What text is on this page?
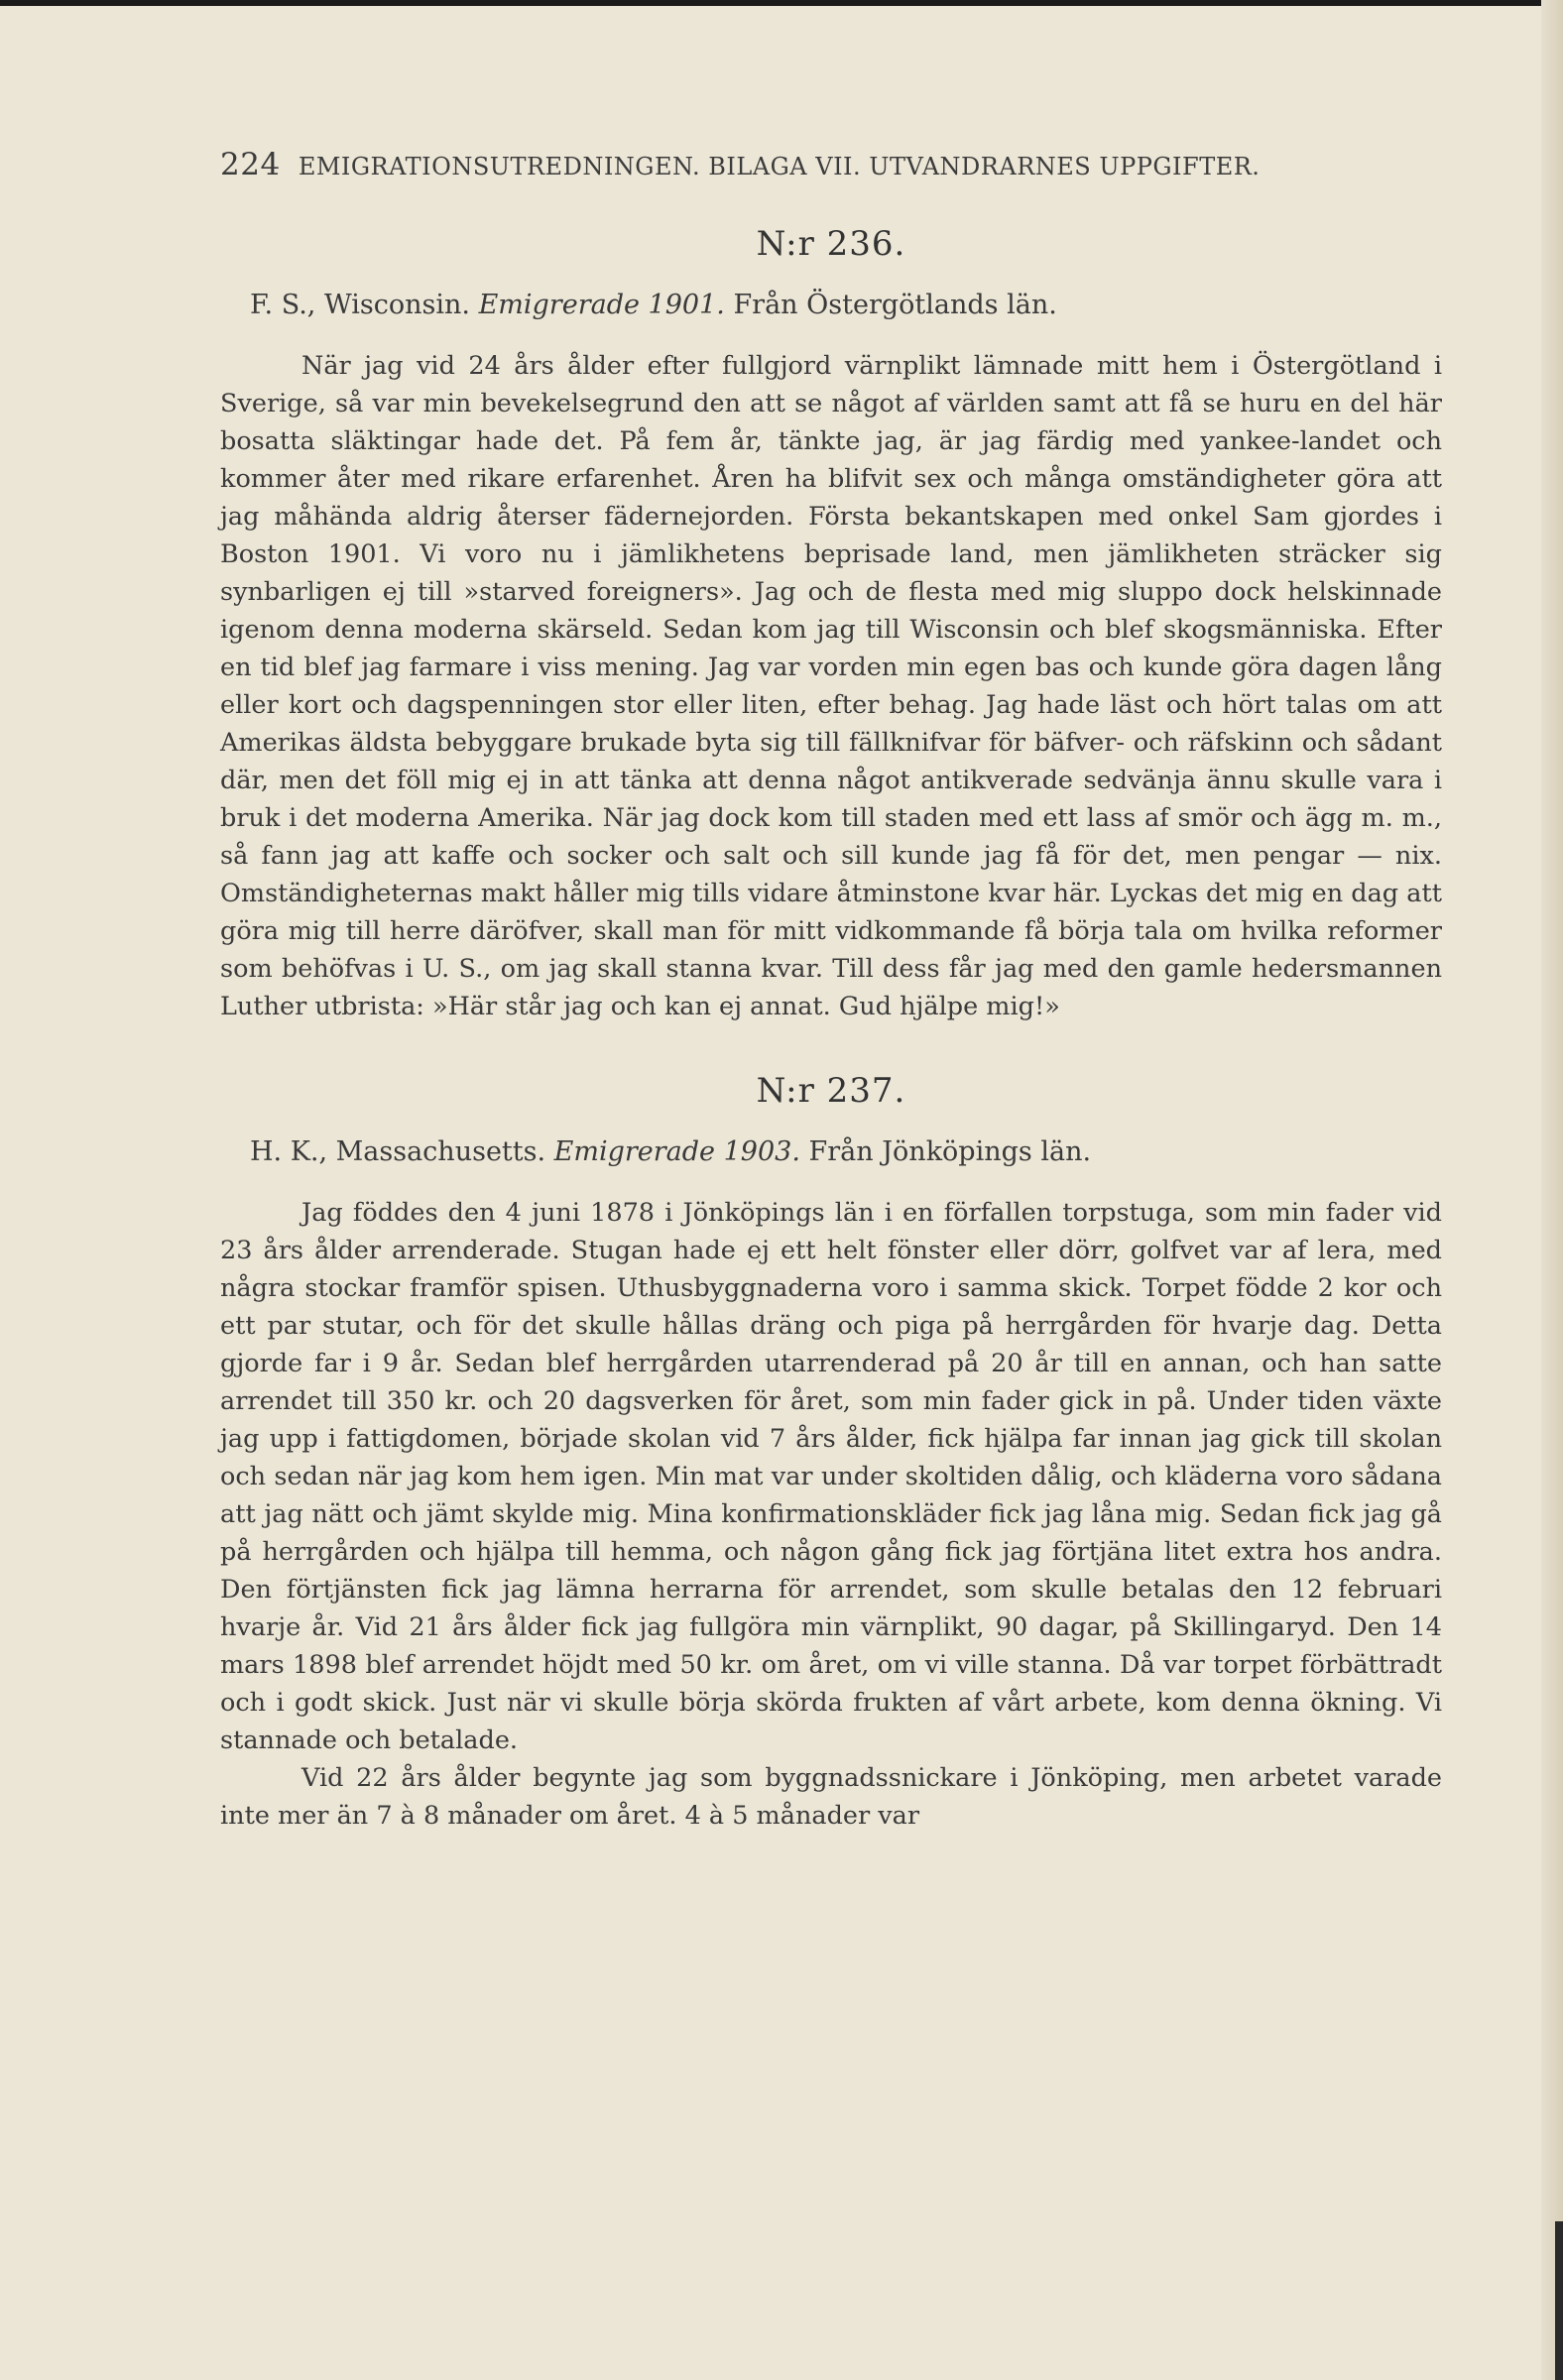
224 EMIGRATIONSUTREDNINGEN. BILAGA VII. UTVANDRARNES UPPGIFTER.
N:r 236.
F. S., Wisconsin. Emigrerade 1901. Från Östergötlands län.

När jag vid 24 års ålder efter fullgjord värnplikt lämnade mitt hem i Östergötland i Sverige, så var min bevekelsegrund den att se något af världen samt att få se huru en del här bosatta släktingar hade det. På fem år, tänkte jag, är jag färdig med yankee-landet och kommer åter med rikare erfarenhet. Åren ha blifvit sex och många omständigheter göra att jag måhända aldrig återser fädernejorden. Första bekantskapen med onkel Sam gjordes i Boston 1901. Vi voro nu i jämlikhetens beprisade land, men jämlikheten sträcker sig synbarligen ej till »starved foreigners». Jag och de flesta med mig sluppo dock helskinnade igenom denna moderna skärseld. Sedan kom jag till Wisconsin och blef skogsmänniska. Efter en tid blef jag farmare i viss mening. Jag var vorden min egen bas och kunde göra dagen lång eller kort och dagspenningen stor eller liten, efter behag. Jag hade läst och hört talas om att Amerikas äldsta bebyggare brukade byta sig till fällknifvar för bäfver- och räfskinn och sådant där, men det föll mig ej in att tänka att denna något antikverade sedvänja ännu skulle vara i bruk i det moderna Amerika. När jag dock kom till staden med ett lass af smör och ägg m. m., så fann jag att kaffe och socker och salt och sill kunde jag få för det, men pengar — nix. Omständigheternas makt håller mig tills vidare åtminstone kvar här. Lyckas det mig en dag att göra mig till herre däröfver, skall man för mitt vidkommande få börja tala om hvilka reformer som behöfvas i U. S., om jag skall stanna kvar. Till dess får jag med den gamle hedersmannen Luther utbrista: »Här står jag och kan ej annat. Gud hjälpe mig!»

N:r 237.
H. K., Massachusetts. Emigrerade 1903. Från Jönköpings län.

Jag föddes den 4 juni 1878 i Jönköpings län i en förfallen torpstuga, som min fader vid 23 års ålder arrenderade. Stugan hade ej ett helt fönster eller dörr, golfvet var af lera, med några stockar framför spisen. Uthusbyggnaderna voro i samma skick. Torpet födde 2 kor och ett par stutar, och för det skulle hållas dräng och piga på herrgården för hvarje dag. Detta gjorde far i 9 år. Sedan blef herrgården utarrenderad på 20 år till en annan, och han satte arrendet till 350 kr. och 20 dagsverken för året, som min fader gick in på. Under tiden växte jag upp i fattigdomen, började skolan vid 7 års ålder, fick hjälpa far innan jag gick till skolan och sedan när jag kom hem igen. Min mat var under skoltiden dålig, och kläderna voro sådana att jag nätt och jämt skylde mig. Mina konfirmationskläder fick jag låna mig. Sedan fick jag gå på herrgården och hjälpa till hemma, och någon gång fick jag förtjäna litet extra hos andra. Den förtjänsten fick jag lämna herrarna för arrendet, som skulle betalas den 12 februari hvarje år. Vid 21 års ålder fick jag fullgöra min värnplikt, 90 dagar, på Skillingaryd. Den 14 mars 1898 blef arrendet höjdt med 50 kr. om året, om vi ville stanna. Då var torpet förbättradt och i godt skick. Just när vi skulle börja skörda frukten af vårt arbete, kom denna ökning. Vi stannade och betalade.

Vid 22 års ålder begynte jag som byggnadssnickare i Jönköping, men arbetet varade inte mer än 7 à 8 månader om året. 4 à 5 månader var
